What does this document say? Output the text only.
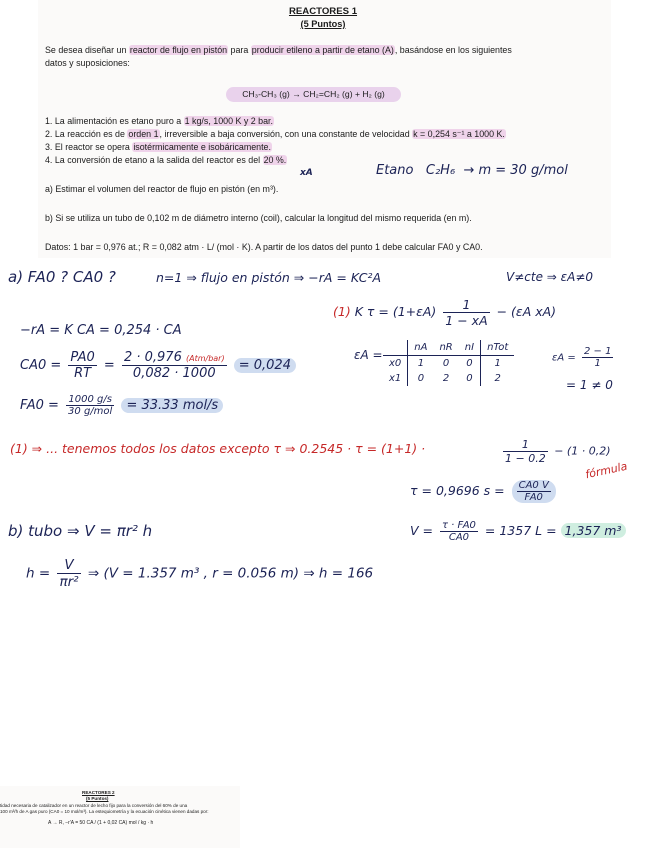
REACTORES 1
(5 Puntos)
Se desea diseñar un reactor de flujo en pistón para producir etileno a partir de etano (A), basándose en los siguientes
datos y suposiciones:
CH₃-CH₃ (g) → CH₂=CH₂ (g) + H₂ (g)
1. La alimentación es etano puro a 1 kg/s, 1000 K y 2 bar.
2. La reacción es de orden 1, irreversible a baja conversión, con una constante de velocidad k = 0,254 s⁻¹ a 1000 K.
3. El reactor se opera isotérmicamente e isobáricamente.
4. La conversión de etano a la salida del reactor es del 20 %.
a) Estimar el volumen del reactor de flujo en pistón (en m³).
b) Si se utiliza un tubo de 0,102 m de diámetro interno (coil), calcular la longitud del mismo requerida (en m).
Datos: 1 bar = 0,976 at.; R = 0,082 atm · L/ (mol · K). A partir de los datos del punto 1 debe calcular FA0 y CA0.
Etano C₂H₆ → m = 30 g/mol
xA
a) FA0 ? CA0 ?	n=1 ⇒ flujo en pistón ⇒ −rA = KC²A	V≠cte ⇒ εA≠0
(1) K $\tau = (1+\varepsilon A) \frac{1}{1 - xA} - (\varepsilon A$ xA)
−rA = K CA = 0,254 · CA
$CA0 = \frac{PA0}{RT} = \frac{\text{2 · 0,976 (Atm/bar)}}{0,082 \cdot 1000} = 0,024$
$FA0 = \frac{1000 g/s}{\text{30 g/mol}} = 33.33$ mol/s
εA =
	nA	nR	nI	nTot
x0	1	0	0	1
x1	0	2	0	2
$\varepsilon A = \frac{2 - 1}{1}$
= 1 ≠ 0
(1) ⇒ ... tenemos todos los datos excepto τ ⇒ 0.2545 · τ = (1+1) ·	$\frac{1}{1 - 0.2} - (1 \cdot 0,2)$
fórmula
τ = 0,9696 $s = \frac{CA0 V}{FA0}$
b) tubo ⇒ V = πr² h	$V = \frac{\tau \cdot FA0}{CA0} = 1357$ L = 1,357 m³
$h = \frac{V}{\text{πr²}}$ ⇒ (V = 1.357 m³ , r = 0.056 m) ⇒ h = 166
REACTORES 2
(5 Puntos)
tidad necesaria de catalizador en un reactor de lecho fijo para la conversión del 60% de una
100 m³/h de A gas puro (CA0 = 10 mol/m³). La estequiometría y la ecuación cinética vienen dadas por:
A → R, −r'A = 50 CA / (1 + 0,02 CA) mol / kg · h
